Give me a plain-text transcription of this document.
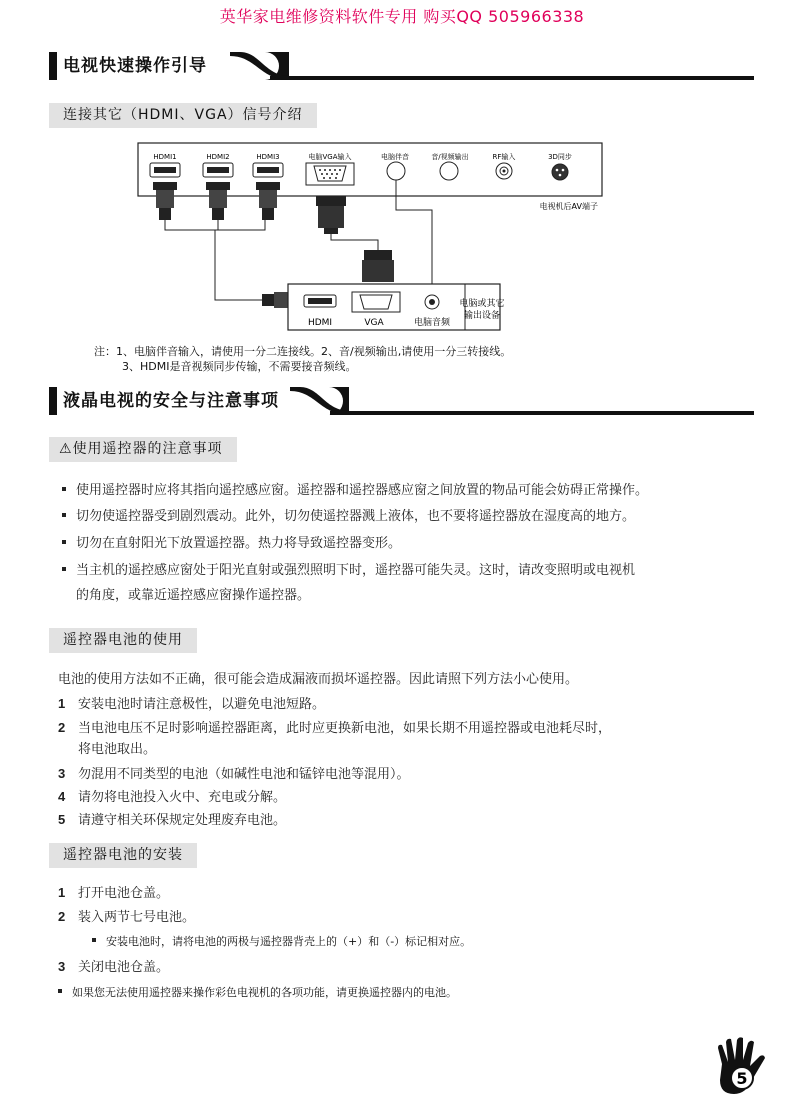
英华家电维修资料软件专用 购买QQ 505966338
电视快速操作引导
连接其它（HDMI、VGA）信号介绍
HDMI1	HDMI2	HDMI3	电脑VGA输入	电脑伴音	音/视频输出	RF输入	3D同步
电视机后AV端子
HDMI	VGA	电脑音频
电脑或其它
输出设备
注：1、电脑伴音输入，请使用一分二连接线。2、音/视频输出,请使用一分三转接线。
3、HDMI是音视频同步传输，不需要接音频线。
液晶电视的安全与注意事项
⚠使用遥控器的注意事项
使用遥控器时应将其指向遥控感应窗。遥控器和遥控器感应窗之间放置的物品可能会妨碍正常操作。
切勿使遥控器受到剧烈震动。此外，切勿使遥控器溅上液体，也不要将遥控器放在湿度高的地方。
切勿在直射阳光下放置遥控器。热力将导致遥控器变形。
当主机的遥控感应窗处于阳光直射或强烈照明下时，遥控器可能失灵。这时，请改变照明或电视机
的角度，或靠近遥控感应窗操作遥控器。
遥控器电池的使用
电池的使用方法如不正确，很可能会造成漏液而损坏遥控器。因此请照下列方法小心使用。
1 安装电池时请注意极性，以避免电池短路。
2 当电池电压不足时影响遥控器距离，此时应更换新电池，如果长期不用遥控器或电池耗尽时，
将电池取出。
3 勿混用不同类型的电池（如碱性电池和锰锌电池等混用）。
4 请勿将电池投入火中、充电或分解。
5 请遵守相关环保规定处理废弃电池。
遥控器电池的安装
1 打开电池仓盖。
2 装入两节七号电池。
安装电池时，请将电池的两极与遥控器背壳上的（+）和（-）标记相对应。
3 关闭电池仓盖。
如果您无法使用遥控器来操作彩色电视机的各项功能，请更换遥控器内的电池。
5
